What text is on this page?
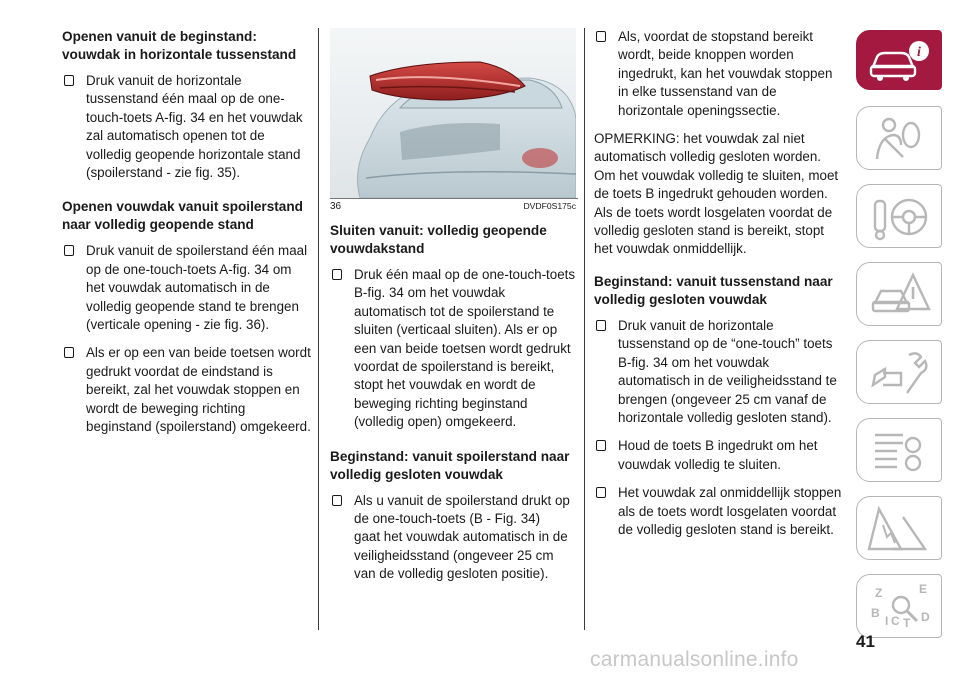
Openen vanuit de beginstand: vouwdak in horizontale tussenstand

Druk vanuit de horizontale tussenstand één maal op de one-touch-toets A-fig. 34 en het vouwdak zal automatisch openen tot de volledig geopende horizontale stand (spoilerstand - zie fig. 35).

Openen vouwdak vanuit spoilerstand naar volledig geopende stand

Druk vanuit de spoilerstand één maal op de one-touch-toets A-fig. 34 om het vouwdak automatisch in de volledig geopende stand te brengen (verticale opening - zie fig. 36).

Als er op een van beide toetsen wordt gedrukt voordat de eindstand is bereikt, zal het vouwdak stoppen en wordt de beweging richting beginstand (spoilerstand) omgekeerd.

36	DVDF0S175c
Sluiten vanuit: volledig geopende vouwdakstand

Druk één maal op de one-touch-toets B-fig. 34 om het vouwdak automatisch tot de spoilerstand te sluiten (verticaal sluiten). Als er op een van beide toetsen wordt gedrukt voordat de spoilerstand is bereikt, stopt het vouwdak en wordt de beweging richting beginstand (volledig open) omgekeerd.

Beginstand: vanuit spoilerstand naar volledig gesloten vouwdak

Als u vanuit de spoilerstand drukt op de one-touch-toets (B - Fig. 34)

gaat het vouwdak automatisch in de veiligheidsstand (ongeveer 25 cm van de volledig gesloten positie).

Als, voordat de stopstand bereikt wordt, beide knoppen worden ingedrukt, kan het vouwdak stoppen in elke tussenstand van de horizontale openingssectie.

OPMERKING: het vouwdak zal niet automatisch volledig gesloten worden. Om het vouwdak volledig te sluiten, moet de toets B ingedrukt gehouden worden. Als de toets wordt losgelaten voordat de volledig gesloten stand is bereikt, stopt het vouwdak onmiddellijk.

Beginstand: vanuit tussenstand naar volledig gesloten vouwdak

Druk vanuit de horizontale tussenstand op de “one-touch” toets B-fig. 34 om het vouwdak automatisch in de veiligheidsstand te brengen (ongeveer 25 cm vanaf de horizontale volledig gesloten stand).

Houd de toets B ingedrukt om het vouwdak volledig te sluiten.

Het vouwdak zal onmiddellijk stoppen als de toets wordt losgelaten voordat de volledig gesloten stand is bereikt.

i
Z	E
B
C D
I T
41
carmanualsonline.info
